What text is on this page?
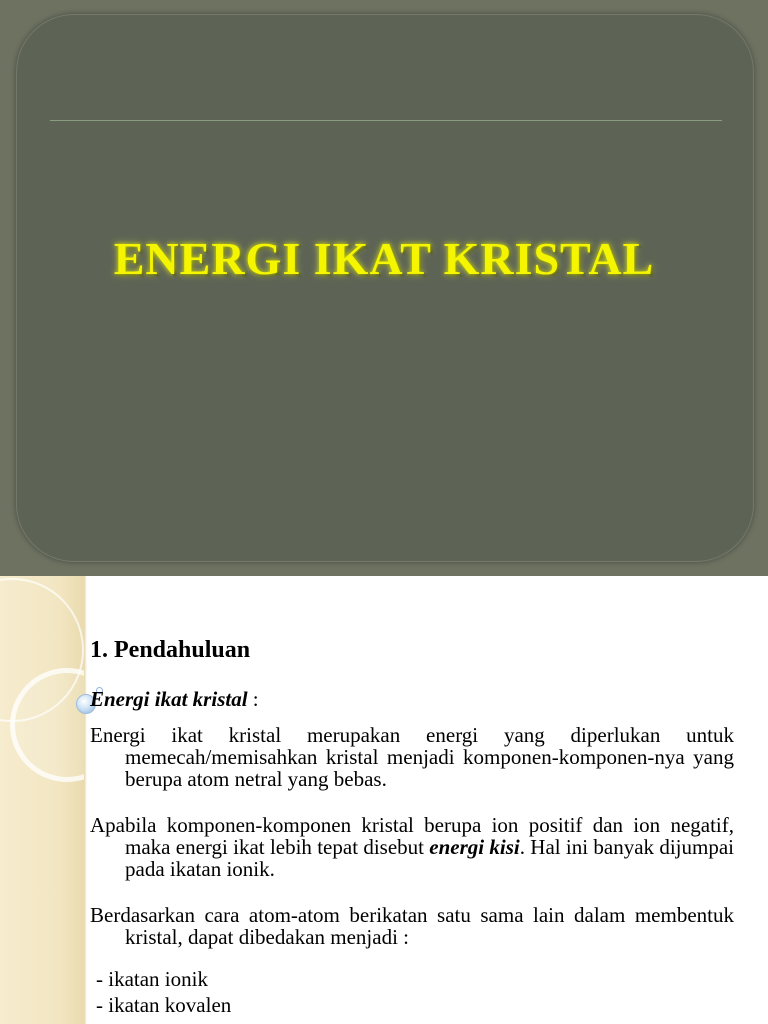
ENERGI IKAT KRISTAL
1. Pendahuluan

Energi ikat kristal :

Energi ikat kristal merupakan energi yang diperlukan untuk memecah/memisahkan kristal menjadi komponen-komponen-nya yang berupa atom netral yang bebas.

Apabila komponen-komponen kristal berupa ion positif dan ion negatif, maka energi ikat lebih tepat disebut energi kisi. Hal ini banyak dijumpai pada ikatan ionik.

Berdasarkan cara atom-atom berikatan satu sama lain dalam membentuk kristal, dapat dibedakan menjadi :

- ikatan ionik
- ikatan kovalen
